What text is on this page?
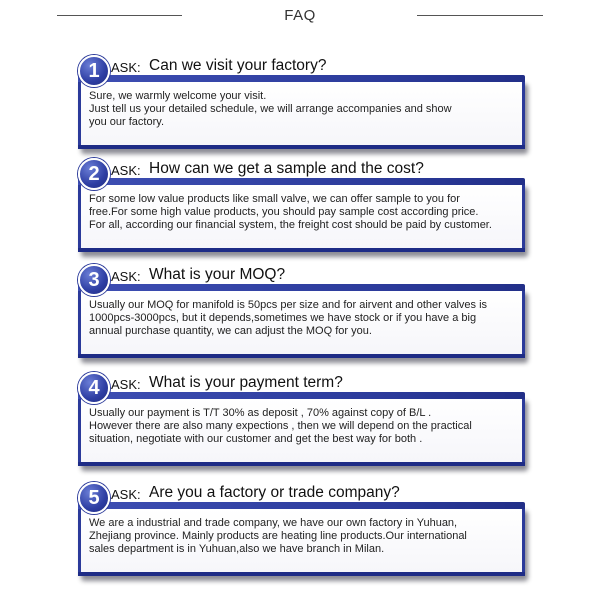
FAQ
1 ASK: Can we visit your factory?
Sure, we warmly welcome your visit.
Just tell us your detailed schedule, we will arrange accompanies and show
you our factory.
2 ASK: How can we get a sample and the cost?
For some low value products like small valve, we can offer sample to you for
free.For some high value products, you should pay sample cost according price.
For all, according our financial system, the freight cost should be paid by customer.
3 ASK: What is your MOQ?
Usually our MOQ for manifold is 50pcs per size and for airvent and other valves is
1000pcs-3000pcs, but it depends,sometimes we have stock or if you have a big
annual purchase quantity, we can adjust the MOQ for you.
4 ASK: What is your payment term?
Usually our payment is T/T 30% as deposit , 70% against copy of B/L .
However there are also many expections , then we will depend on the practical
situation, negotiate with our customer and get the best way for both .
5 ASK: Are you a factory or trade company?
We are a industrial and trade company, we have our own factory in Yuhuan,
Zhejiang province. Mainly products are heating line products.Our international
sales department is in Yuhuan,also we have branch in Milan.
